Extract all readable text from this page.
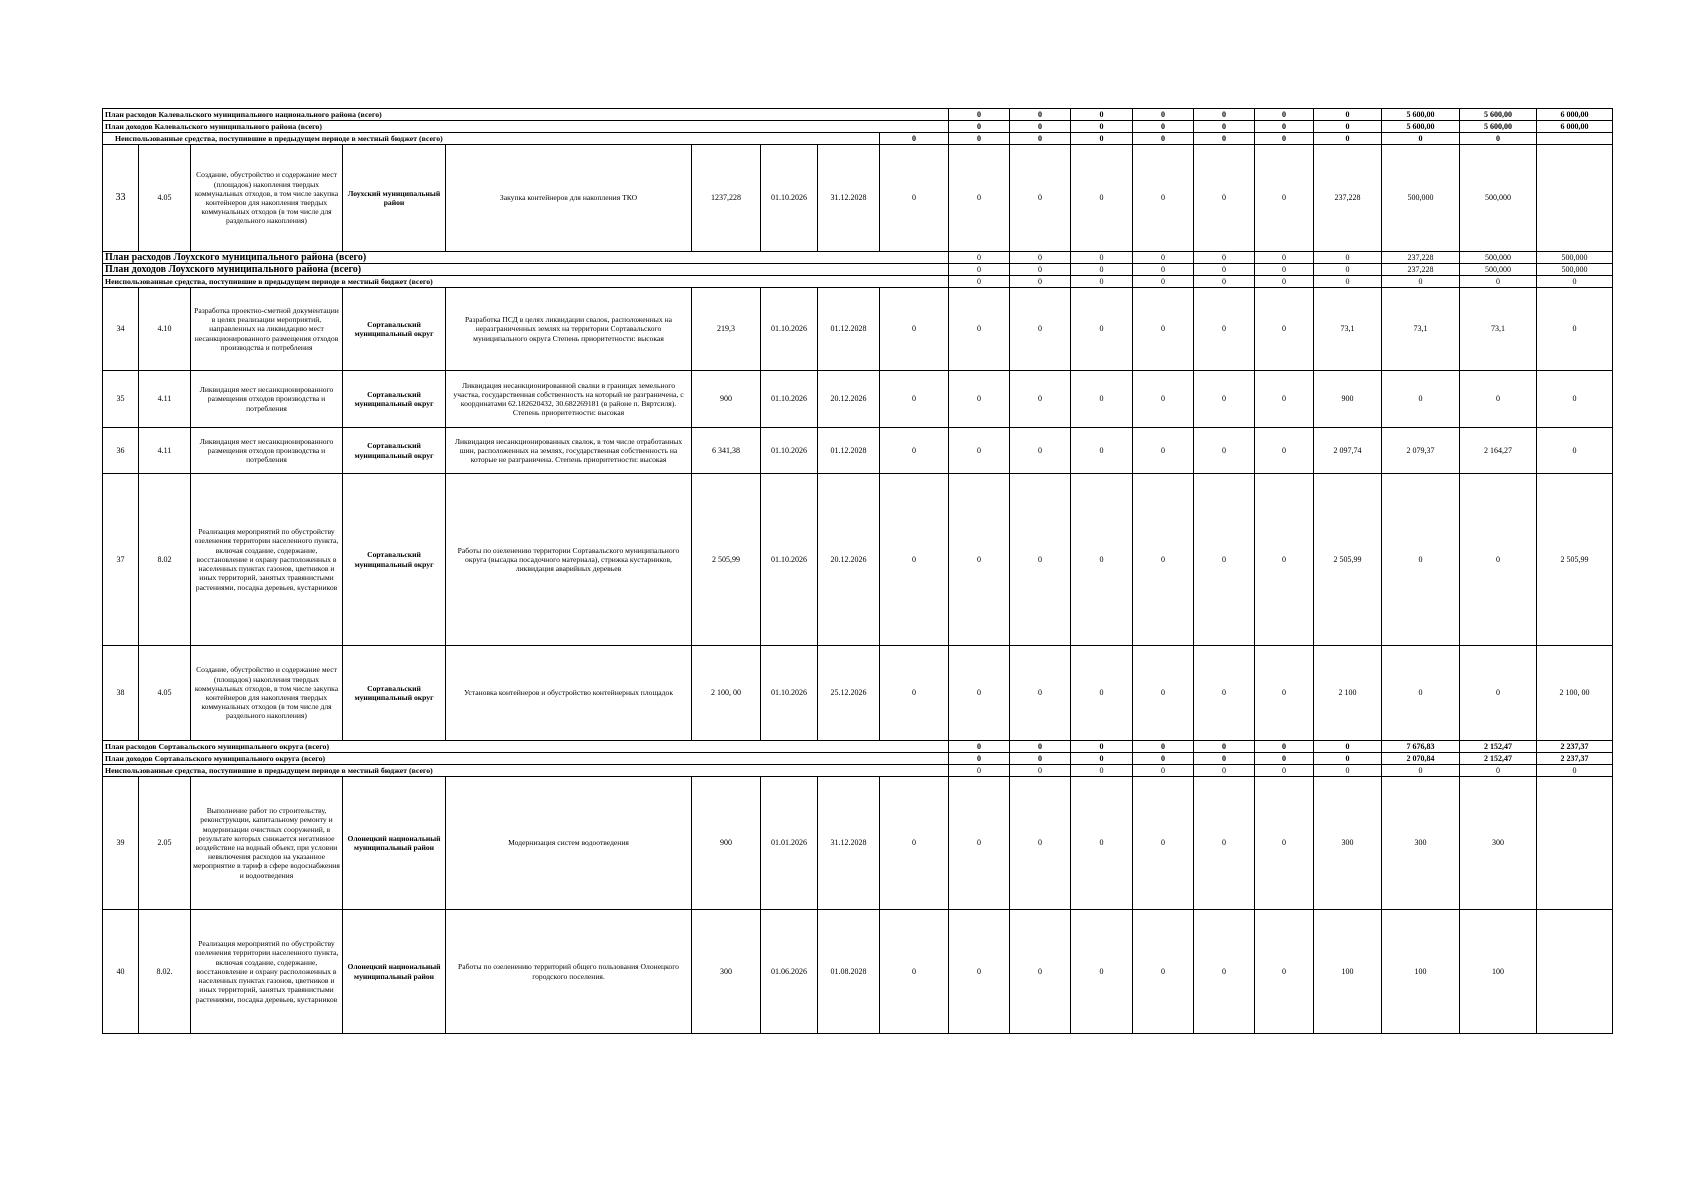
План расходов Калевальского муниципального национального района (всего)									0	0	0	0	0	0	0	5 600,00	5 600,00	6 000,00
План доходов Калевальского муниципального района (всего)									0	0	0	0	0	0	0	5 600,00	5 600,00	6 000,00
Неиспользованные средства, поступившие в предыдущем периоде в местный бюджет (всего)								0	0	0	0	0	0	0	0	0	0	
33	4.05	Создание, обустройство и содержание мест (площадок) накопления твердых коммунальных отходов, в том числе закупка контейнеров для накопления твердых коммунальных отходов (в том числе для раздельного накопления)	Лоухский муниципальный район	Закупка контейнеров для накопления ТКО	1237,228	01.10.2026	31.12.2028	0	0	0	0	0	0	0	237,228	500,000	500,000	
План расходов Лоухского муниципального района (всего)									0	0	0	0	0	0	0	237,228	500,000	500,000
План доходов Лоухского муниципального района (всего)									0	0	0	0	0	0	0	237,228	500,000	500,000
Неиспользованные средства, поступившие в предыдущем периоде в местный бюджет (всего)									0	0	0	0	0	0	0	0	0	0
34	4.10	Разработка проектно-сметной документации в целях реализации мероприятий, направленных на ликвидацию мест несанкционированного размещения отходов производства и потребления	Сортавальский муниципальный округ	Разработка ПСД в целях ликвидации свалок, расположенных на неразграниченных землях на территории Сортавальского муниципального округа Степень приоритетности: высокая	219,3	01.10.2026	01.12.2028	0	0	0	0	0	0	0	73,1	73,1	73,1	0
35	4.11	Ликвидация мест несанкционированного размещения отходов производства и потребления	Сортавальский муниципальный округ	Ликвидация несанкционированной свалки в границах земельного участка, государственная собственность на который не разграничена, с координатами 62.182620432, 30.682269181 (в районе п. Вяртсиля). Степень приоритетности: высокая	900	01.10.2026	20.12.2026	0	0	0	0	0	0	0	900	0	0	0
36	4.11	Ликвидация мест несанкционированного размещения отходов производства и потребления	Сортавальский муниципальный округ	Ликвидация несанкционированных свалок, в том числе отработанных шин, расположенных на землях, государственная собственность на которые не разграничена. Степень приоритетности: высокая	6 341,38	01.10.2026	01.12.2028	0	0	0	0	0	0	0	2 097,74	2 079,37	2 164,27	0
37	8.02	Реализация мероприятий по обустройству озеленения территории населенного пункта, включая создание, содержание, восстановление и охрану расположенных в населенных пунктах газонов, цветников и иных территорий, занятых травянистыми растениями, посадка деревьев, кустарников	Сортавальский муниципальный округ	Работы по озеленению территории Сортавальского муниципального округа (высадка посадочного материала), стрижка кустарников, ликвидация аварийных деревьев	2 505,99	01.10.2026	20.12.2026	0	0	0	0	0	0	0	2 505,99	0	0	2 505,99
38	4.05	Создание, обустройство и содержание мест (площадок) накопления твердых коммунальных отходов, в том числе закупка контейнеров для накопления твердых коммунальных отходов (в том числе для раздельного накопления)	Сортавальский муниципальный округ	Установка контейнеров и обустройство контейнерных площадок	2 100, 00	01.10.2026	25.12.2026	0	0	0	0	0	0	0	2 100	0	0	2 100, 00
План расходов Сортавальского муниципального округа (всего)									0	0	0	0	0	0	0	7 676,83	2 152,47	2 237,37
План доходов Сортавальского муниципального округа (всего)									0	0	0	0	0	0	0	2 070,84	2 152,47	2 237,37
Неиспользованные средства, поступившие в предыдущем периоде в местный бюджет (всего)									0	0	0	0	0	0	0	0	0	0
39	2.05	Выполнение работ по строительству, реконструкции, капитальному ремонту и модернизации очистных сооружений, в результате которых снижается негативное воздействие на водный объект, при условии невключения расходов на указанное мероприятие в тариф в сфере водоснабжения и водоотведения	Олонецкий национальный муниципальный район	Модернизация систем водоотведения	900	01.01.2026	31.12.2028	0	0	0	0	0	0	0	300	300	300	
40	8.02.	Реализация мероприятий по обустройству озеленения территории населенного пункта, включая создание, содержание, восстановление и охрану расположенных в населенных пунктах газонов, цветников и иных территорий, занятых травянистыми растениями, посадка деревьев, кустарников	Олонецкий национальный муниципальный район	Работы по озеленению территорий общего пользования Олонецкого городского поселения.	300	01.06.2026	01.08.2028	0	0	0	0	0	0	0	100	100	100	
